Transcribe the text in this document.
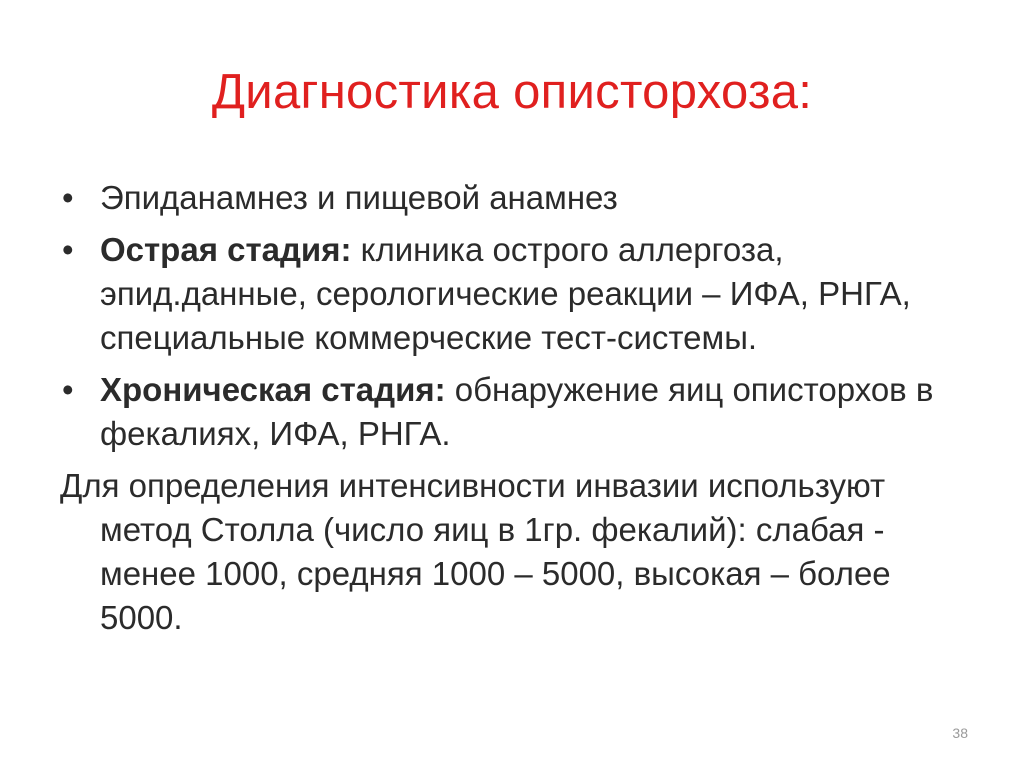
Диагностика описторхоза:
• Эпиданамнез и пищевой анамнез
• Острая стадия: клиника острого аллергоза, эпид.данные, серологические реакции – ИФА, РНГА, специальные коммерческие тест-системы.
• Хроническая стадия: обнаружение яиц описторхов в фекалиях, ИФА, РНГА.
Для определения интенсивности инвазии используют метод Столла (число яиц в 1гр. фекалий): слабая - менее 1000, средняя 1000 – 5000, высокая – более 5000.
38
